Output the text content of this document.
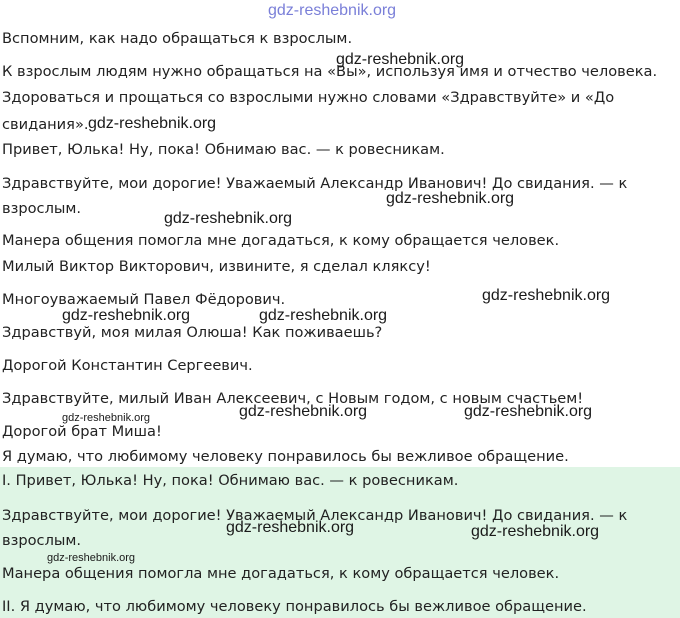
gdz-reshebnik.org

Вспомним, как надо обращаться к взрослым.

К взрослым людям нужно обращаться на «Вы», используя имя и отчество человека.

Здороваться и прощаться со взрослыми нужно словами «Здравствуйте» и «До

свидания».

Привет, Юлька! Ну, пока! Обнимаю вас. — к ровесникам.

Здравствуйте, мои дорогие! Уважаемый Александр Иванович! До свидания. — к

взрослым.

Манера общения помогла мне догадаться, к кому обращается человек.

Милый Виктор Викторович, извините, я сделал кляксу!

Многоуважаемый Павел Фёдорович.

Здравствуй, моя милая Олюша! Как поживаешь?

Дорогой Константин Сергеевич.

Здравствуйте, милый Иван Алексеевич, с Новым годом, с новым счастьем!

Дорогой брат Миша!

Я думаю, что любимому человеку понравилось бы вежливое обращение.

I. Привет, Юлька! Ну, пока! Обнимаю вас. — к ровесникам.

Здравствуйте, мои дорогие! Уважаемый Александр Иванович! До свидания. — к

взрослым.

Манера общения помогла мне догадаться, к кому обращается человек.

II. Я думаю, что любимому человеку понравилось бы вежливое обращение.

gdz-reshebnik.org

gdz-reshebnik.org

gdz-reshebnik.org

gdz-reshebnik.org

gdz-reshebnik.org

gdz-reshebnik.org	gdz-reshebnik.org

gdz-reshebnik.org	gdz-reshebnik.org

gdz-reshebnik.org

gdz-reshebnik.org	gdz-reshebnik.org

gdz-reshebnik.org
